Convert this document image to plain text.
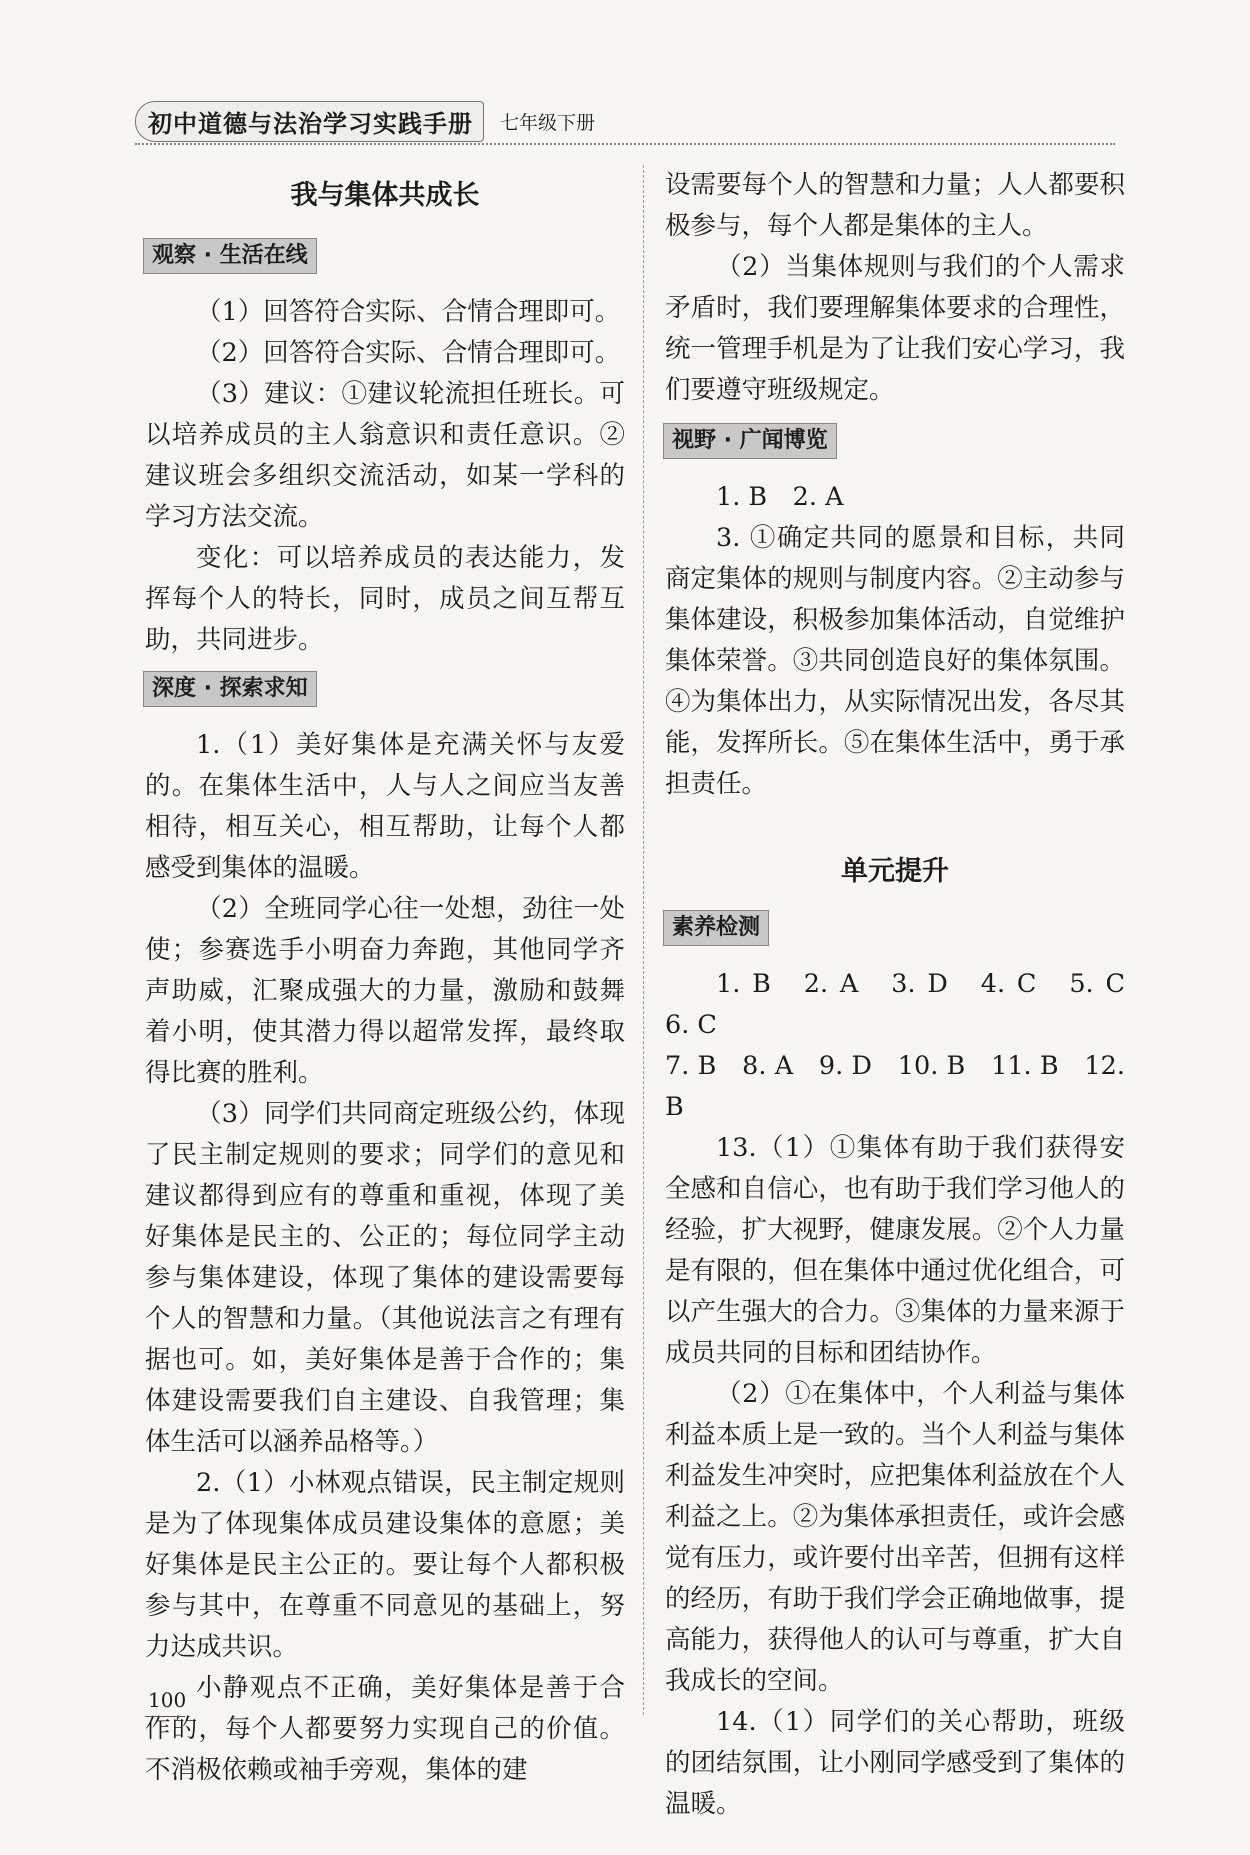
初中道德与法治学习实践手册	七年级下册
我与集体共成长
观察 · 生活在线

（1）回答符合实际、合情合理即可。

（2）回答符合实际、合情合理即可。

（3）建议：①建议轮流担任班长。可以培养成员的主人翁意识和责任意识。②建议班会多组织交流活动，如某一学科的学习方法交流。

变化：可以培养成员的表达能力，发挥每个人的特长，同时，成员之间互帮互助，共同进步。

深度 · 探索求知

1.（1）美好集体是充满关怀与友爱的。在集体生活中，人与人之间应当友善相待，相互关心，相互帮助，让每个人都感受到集体的温暖。

（2）全班同学心往一处想，劲往一处使；参赛选手小明奋力奔跑，其他同学齐声助威，汇聚成强大的力量，激励和鼓舞着小明，使其潜力得以超常发挥，最终取得比赛的胜利。

（3）同学们共同商定班级公约，体现了民主制定规则的要求；同学们的意见和建议都得到应有的尊重和重视，体现了美好集体是民主的、公正的；每位同学主动参与集体建设，体现了集体的建设需要每个人的智慧和力量。（其他说法言之有理有据也可。如，美好集体是善于合作的；集体建设需要我们自主建设、自我管理；集体生活可以涵养品格等。）

2.（1）小林观点错误，民主制定规则是为了体现集体成员建设集体的意愿；美好集体是民主公正的。要让每个人都积极参与其中，在尊重不同意见的基础上，努力达成共识。

小静观点不正确，美好集体是善于合作的，每个人都要努力实现自己的价值。不消极依赖或袖手旁观，集体的建

设需要每个人的智慧和力量；人人都要积极参与，每个人都是集体的主人。

（2）当集体规则与我们的个人需求矛盾时，我们要理解集体要求的合理性，统一管理手机是为了让我们安心学习，我们要遵守班级规定。

视野 · 广闻博览

1. B　2. A

3. ①确定共同的愿景和目标，共同商定集体的规则与制度内容。②主动参与集体建设，积极参加集体活动，自觉维护集体荣誉。③共同创造良好的集体氛围。④为集体出力，从实际情况出发，各尽其能，发挥所长。⑤在集体生活中，勇于承担责任。

单元提升
素养检测

1. B　2. A　3. D　4. C　5. C　6. C

7. B　8. A　9. D　10. B　11. B　12. B

13.（1）①集体有助于我们获得安全感和自信心，也有助于我们学习他人的经验，扩大视野，健康发展。②个人力量是有限的，但在集体中通过优化组合，可以产生强大的合力。③集体的力量来源于成员共同的目标和团结协作。

（2）①在集体中，个人利益与集体利益本质上是一致的。当个人利益与集体利益发生冲突时，应把集体利益放在个人利益之上。②为集体承担责任，或许会感觉有压力，或许要付出辛苦，但拥有这样的经历，有助于我们学会正确地做事，提高能力，获得他人的认可与尊重，扩大自我成长的空间。

14.（1）同学们的关心帮助，班级的团结氛围，让小刚同学感受到了集体的温暖。

100
